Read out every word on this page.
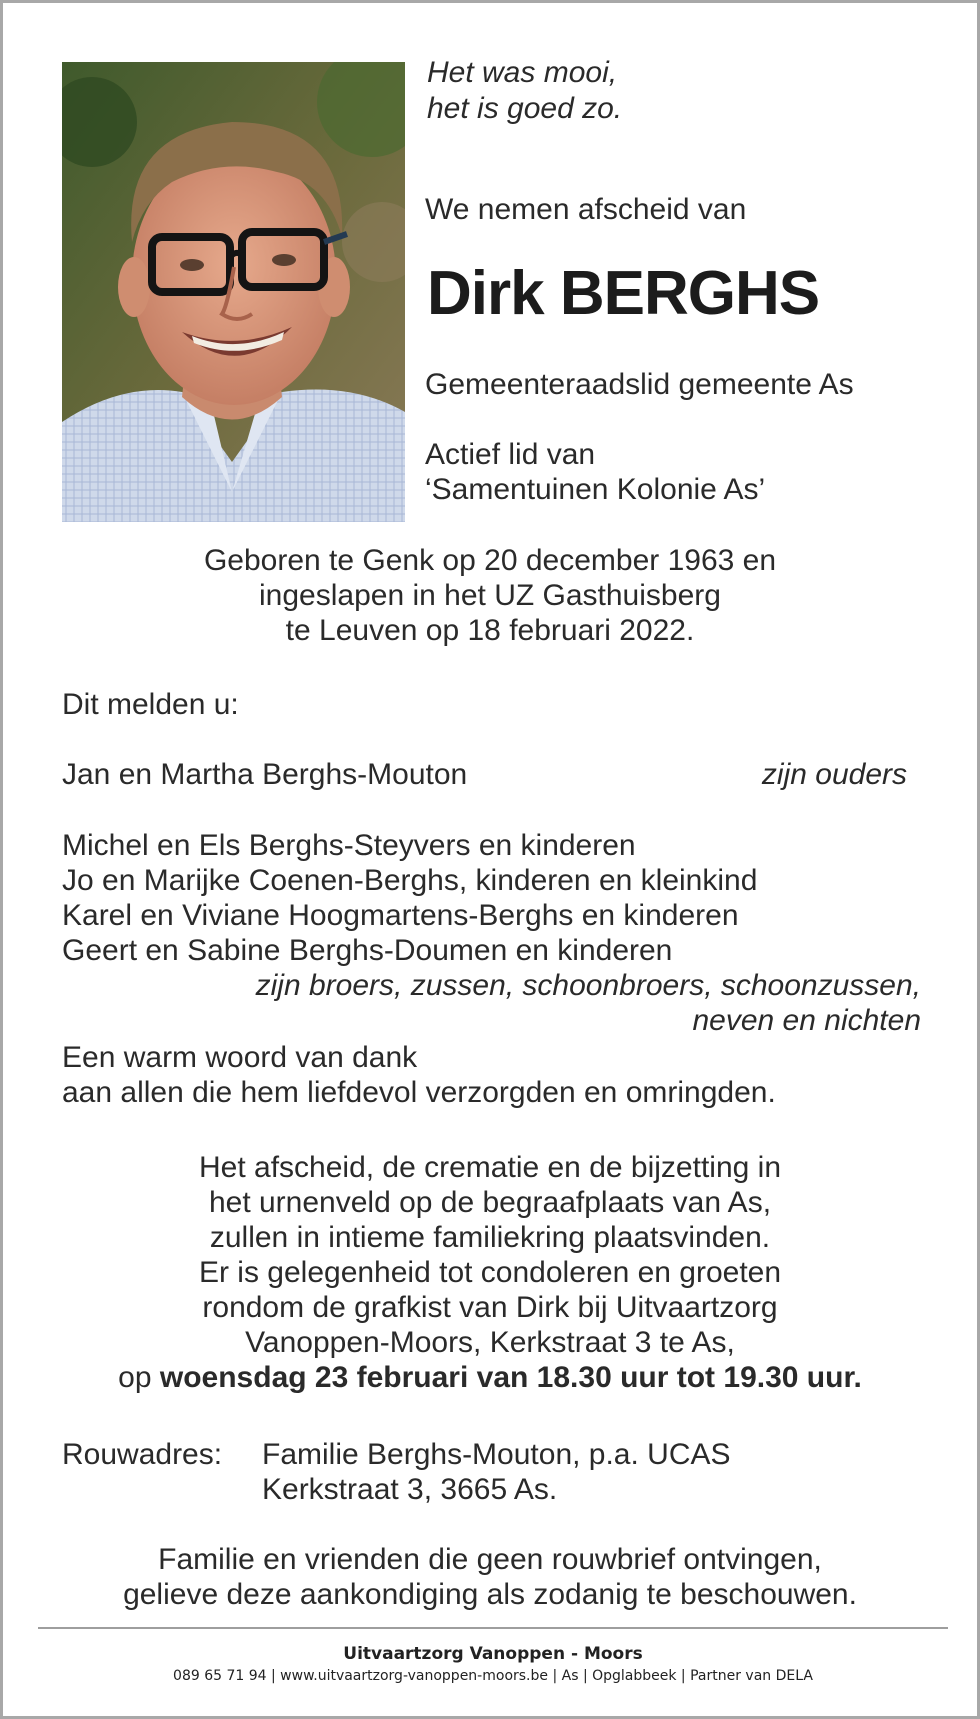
Het was mooi,
het is goed zo.
We nemen afscheid van
Dirk BERGHS
Gemeenteraadslid gemeente As
Actief lid van
‘Samentuinen Kolonie As’
Geboren te Genk op 20 december 1963 en
ingeslapen in het UZ Gasthuisberg
te Leuven op 18 februari 2022.
Dit melden u:
Jan en Martha Berghs-Mouton	zijn ouders
Michel en Els Berghs-Steyvers en kinderen
Jo en Marijke Coenen-Berghs, kinderen en kleinkind
Karel en Viviane Hoogmartens-Berghs en kinderen
Geert en Sabine Berghs-Doumen en kinderen
zijn broers, zussen, schoonbroers, schoonzussen,
neven en nichten
Een warm woord van dank
aan allen die hem liefdevol verzorgden en omringden.
Het afscheid, de crematie en de bijzetting in
het urnenveld op de begraafplaats van As,
zullen in intieme familiekring plaatsvinden.
Er is gelegenheid tot condoleren en groeten
rondom de grafkist van Dirk bij Uitvaartzorg
Vanoppen-Moors, Kerkstraat 3 te As,
op woensdag 23 februari van 18.30 uur tot 19.30 uur.
Rouwadres: Familie Berghs-Mouton, p.a. UCAS
Kerkstraat 3, 3665 As.
Familie en vrienden die geen rouwbrief ontvingen,
gelieve deze aankondiging als zodanig te beschouwen.
Uitvaartzorg Vanoppen - Moors
089 65 71 94 | www.uitvaartzorg-vanoppen-moors.be | As | Opglabbeek | Partner van DELA
